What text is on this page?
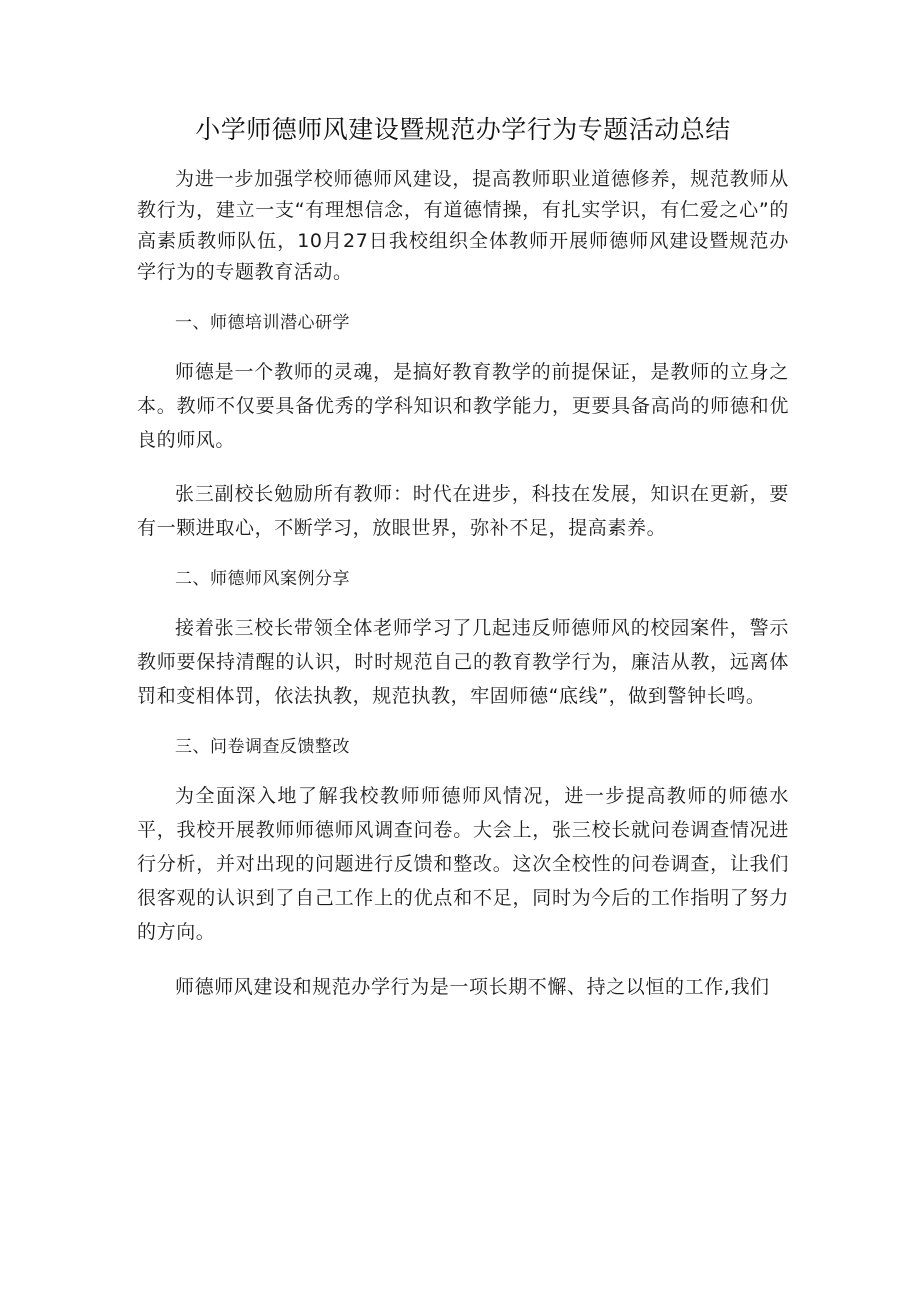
小学师德师风建设暨规范办学行为专题活动总结

为进一步加强学校师德师风建设，提高教师职业道德修养，规范教师从教行为，建立一支“有理想信念，有道德情操，有扎实学识，有仁爱之心”的高素质教师队伍，10月27日我校组织全体教师开展师德师风建设暨规范办学行为的专题教育活动。

一、师德培训潜心研学

师德是一个教师的灵魂，是搞好教育教学的前提保证，是教师的立身之本。教师不仅要具备优秀的学科知识和教学能力，更要具备高尚的师德和优良的师风。

张三副校长勉励所有教师：时代在进步，科技在发展，知识在更新，要有一颗进取心，不断学习，放眼世界，弥补不足，提高素养。

二、师德师风案例分享

接着张三校长带领全体老师学习了几起违反师德师风的校园案件，警示教师要保持清醒的认识，时时规范自己的教育教学行为，廉洁从教，远离体罚和变相体罚，依法执教，规范执教，牢固师德“底线”，做到警钟长鸣。

三、问卷调查反馈整改

为全面深入地了解我校教师师德师风情况，进一步提高教师的师德水平，我校开展教师师德师风调查问卷。大会上，张三校长就问卷调查情况进行分析，并对出现的问题进行反馈和整改。这次全校性的问卷调查，让我们很客观的认识到了自己工作上的优点和不足，同时为今后的工作指明了努力的方向。

师德师风建设和规范办学行为是一项长期不懈、持之以恒的工作,我们
